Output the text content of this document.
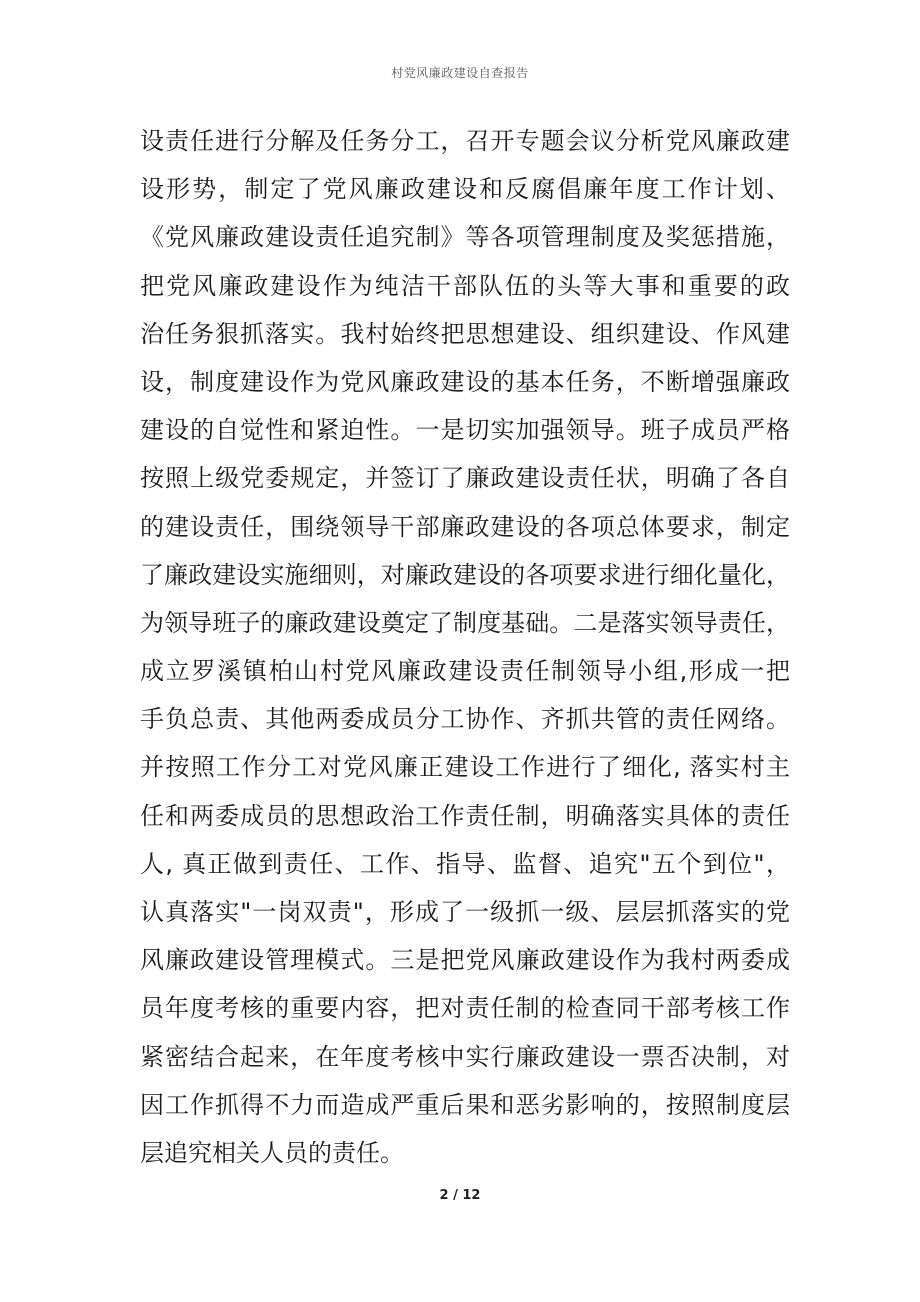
村党风廉政建设自查报告
设责任进行分解及任务分工，召开专题会议分析党风廉政建
设形势，制定了党风廉政建设和反腐倡廉年度工作计划、
《党风廉政建设责任追究制》等各项管理制度及奖惩措施，
把党风廉政建设作为纯洁干部队伍的头等大事和重要的政
治任务狠抓落实。我村始终把思想建设、组织建设、作风建
设，制度建设作为党风廉政建设的基本任务，不断增强廉政
建设的自觉性和紧迫性。一是切实加强领导。班子成员严格
按照上级党委规定，并签订了廉政建设责任状，明确了各自
的建设责任，围绕领导干部廉政建设的各项总体要求，制定
了廉政建设实施细则，对廉政建设的各项要求进行细化量化，
为领导班子的廉政建设奠定了制度基础。二是落实领导责任，
成立罗溪镇柏山村党风廉政建设责任制领导小组,形成一把
手负总责、其他两委成员分工协作、齐抓共管的责任网络。
并按照工作分工对党风廉正建设工作进行了细化, 落实村主
任和两委成员的思想政治工作责任制，明确落实具体的责任
人, 真正做到责任、工作、指导、监督、追究"五个到位"，
认真落实"一岗双责"，形成了一级抓一级、层层抓落实的党
风廉政建设管理模式。三是把党风廉政建设作为我村两委成
员年度考核的重要内容，把对责任制的检查同干部考核工作
紧密结合起来，在年度考核中实行廉政建设一票否决制，对
因工作抓得不力而造成严重后果和恶劣影响的，按照制度层
层追究相关人员的责任。
2 / 12
